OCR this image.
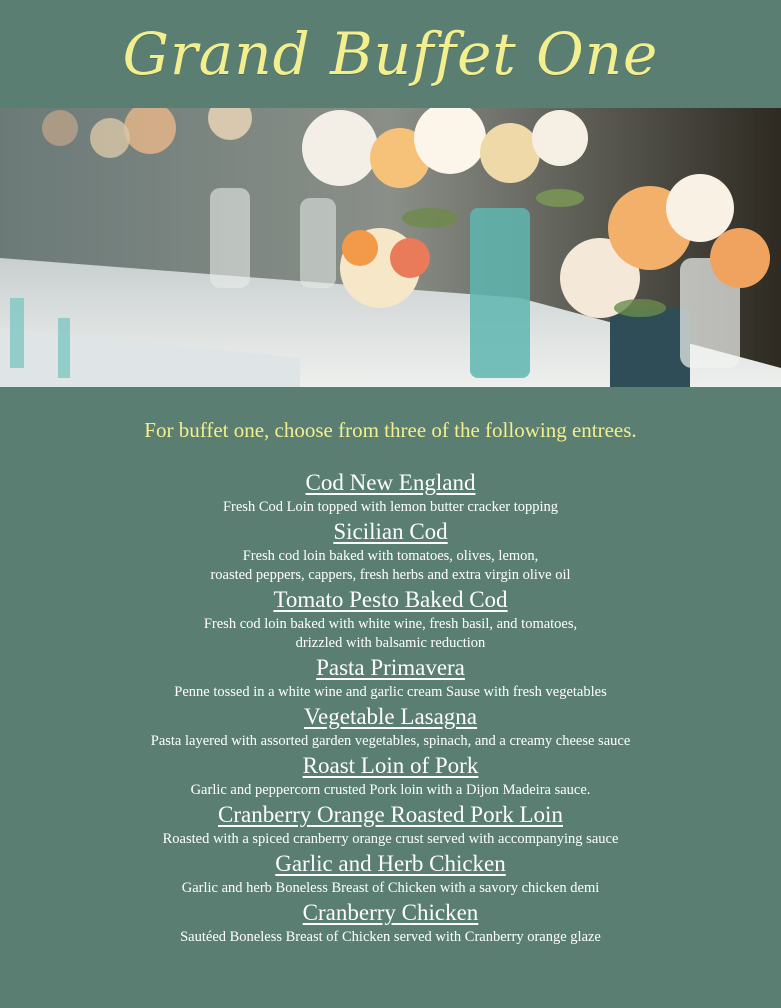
Grand Buffet One
For buffet one, choose from three of the following entrees.
Cod New England
Fresh Cod Loin topped with lemon butter cracker topping
Sicilian Cod
Fresh cod loin baked with tomatoes, olives, lemon,
roasted peppers, cappers, fresh herbs and extra virgin olive oil
Tomato Pesto Baked Cod
Fresh cod loin baked with white wine, fresh basil, and tomatoes,
drizzled with balsamic reduction
Pasta Primavera
Penne tossed in a white wine and garlic cream Sause with fresh vegetables
Vegetable Lasagna
Pasta layered with assorted garden vegetables, spinach, and a creamy cheese sauce
Roast Loin of Pork
Garlic and peppercorn crusted Pork loin with a Dijon Madeira sauce.
Cranberry Orange Roasted Pork Loin
Roasted with a spiced cranberry orange crust served with accompanying sauce
Garlic and Herb Chicken
Garlic and herb Boneless Breast of Chicken with a savory chicken demi
Cranberry Chicken
Sautéed Boneless Breast of Chicken served with Cranberry orange glaze
